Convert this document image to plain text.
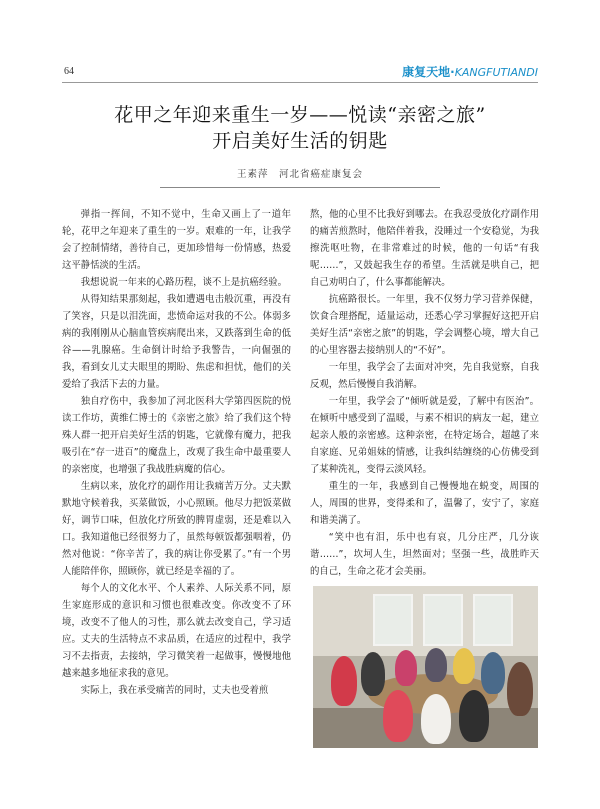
64	康复天地·KANGFUTIANDI
花甲之年迎来重生一岁——悦读“亲密之旅”
开启美好生活的钥匙
王素萍　河北省癌症康复会

弹指一挥间，不知不觉中，生命又画上了一道年轮，花甲之年迎来了重生的一岁。艰难的一年，让我学会了控制情绪，善待自己，更加珍惜每一份情感，热爱这平静恬淡的生活。

我想说说一年来的心路历程，谈不上是抗癌经验。

从得知结果那刻起，我如遭遇电击般沉重，再没有了笑容，只是以泪洗面，悲愤命运对我的不公。体弱多病的我刚刚从心脑血管疾病爬出来，又跌落到生命的低谷——乳腺癌。生命倒计时给予我警告，一向倔强的我，看到女儿丈夫眼里的期盼、焦虑和担忧，他们的关爱给了我活下去的力量。

独自疗伤中，我参加了河北医科大学第四医院的悦读工作坊，黄维仁博士的《亲密之旅》给了我们这个特殊人群一把开启美好生活的钥匙，它就像有魔力，把我吸引在“存一进百”的魔盘上，改观了我生命中最重要人的亲密度，也增强了我战胜病魔的信心。

生病以来，放化疗的副作用让我痛苦万分。丈夫默默地守候着我，买菜做饭，小心照顾。他尽力把饭菜做好，调节口味，但放化疗所致的脾胃虚弱，还是难以入口。我知道他已经很努力了，虽然每顿饭都强咽着，仍然对他说：“你辛苦了，我的病让你受累了。”有一个男人能陪伴你，照顾你，就已经是幸福的了。

每个人的文化水平、个人素养、人际关系不同，原生家庭形成的意识和习惯也很难改变。你改变不了环境，改变不了他人的习性，那么就去改变自己，学习适应。丈夫的生活特点不求品质，在适应的过程中，我学习不去指责，去接纳，学习微笑着一起做事，慢慢地他越来越多地征求我的意见。

实际上，我在承受痛苦的同时，丈夫也受着煎

熬，他的心里不比我好到哪去。在我忍受放化疗副作用的痛苦煎熬时，他陪伴着我，没睡过一个安稳觉，为我擦洗呕吐物，在非常难过的时候，他的一句话“有我呢……”，又鼓起我生存的希望。生活就是哄自己，把自己劝明白了，什么事都能解决。

抗癌路很长。一年里，我不仅努力学习营养保健，饮食合理搭配，适量运动，还悉心学习掌握好这把开启美好生活“亲密之旅”的钥匙，学会调整心境，增大自己的心里容器去接纳别人的“不好”。

一年里，我学会了去面对冲突，先自我觉察，自我反观，然后慢慢自我消解。

一年里，我学会了“倾听就是爱，了解中有医治”。在倾听中感受到了温暖，与素不相识的病友一起，建立起亲人般的亲密感。这种亲密，在特定场合，超越了来自家庭、兄弟姐妹的情感，让我纠结缠绕的心仿佛受到了某种洗礼，变得云淡风轻。

重生的一年，我感到自己慢慢地在蜕变，周围的人，周围的世界，变得柔和了，温馨了，安宁了，家庭和谐美满了。

“笑中也有泪，乐中也有哀，几分庄严，几分诙谐……”，坎坷人生，坦然面对；坚强一些，战胜昨天的自己，生命之花才会美丽。
